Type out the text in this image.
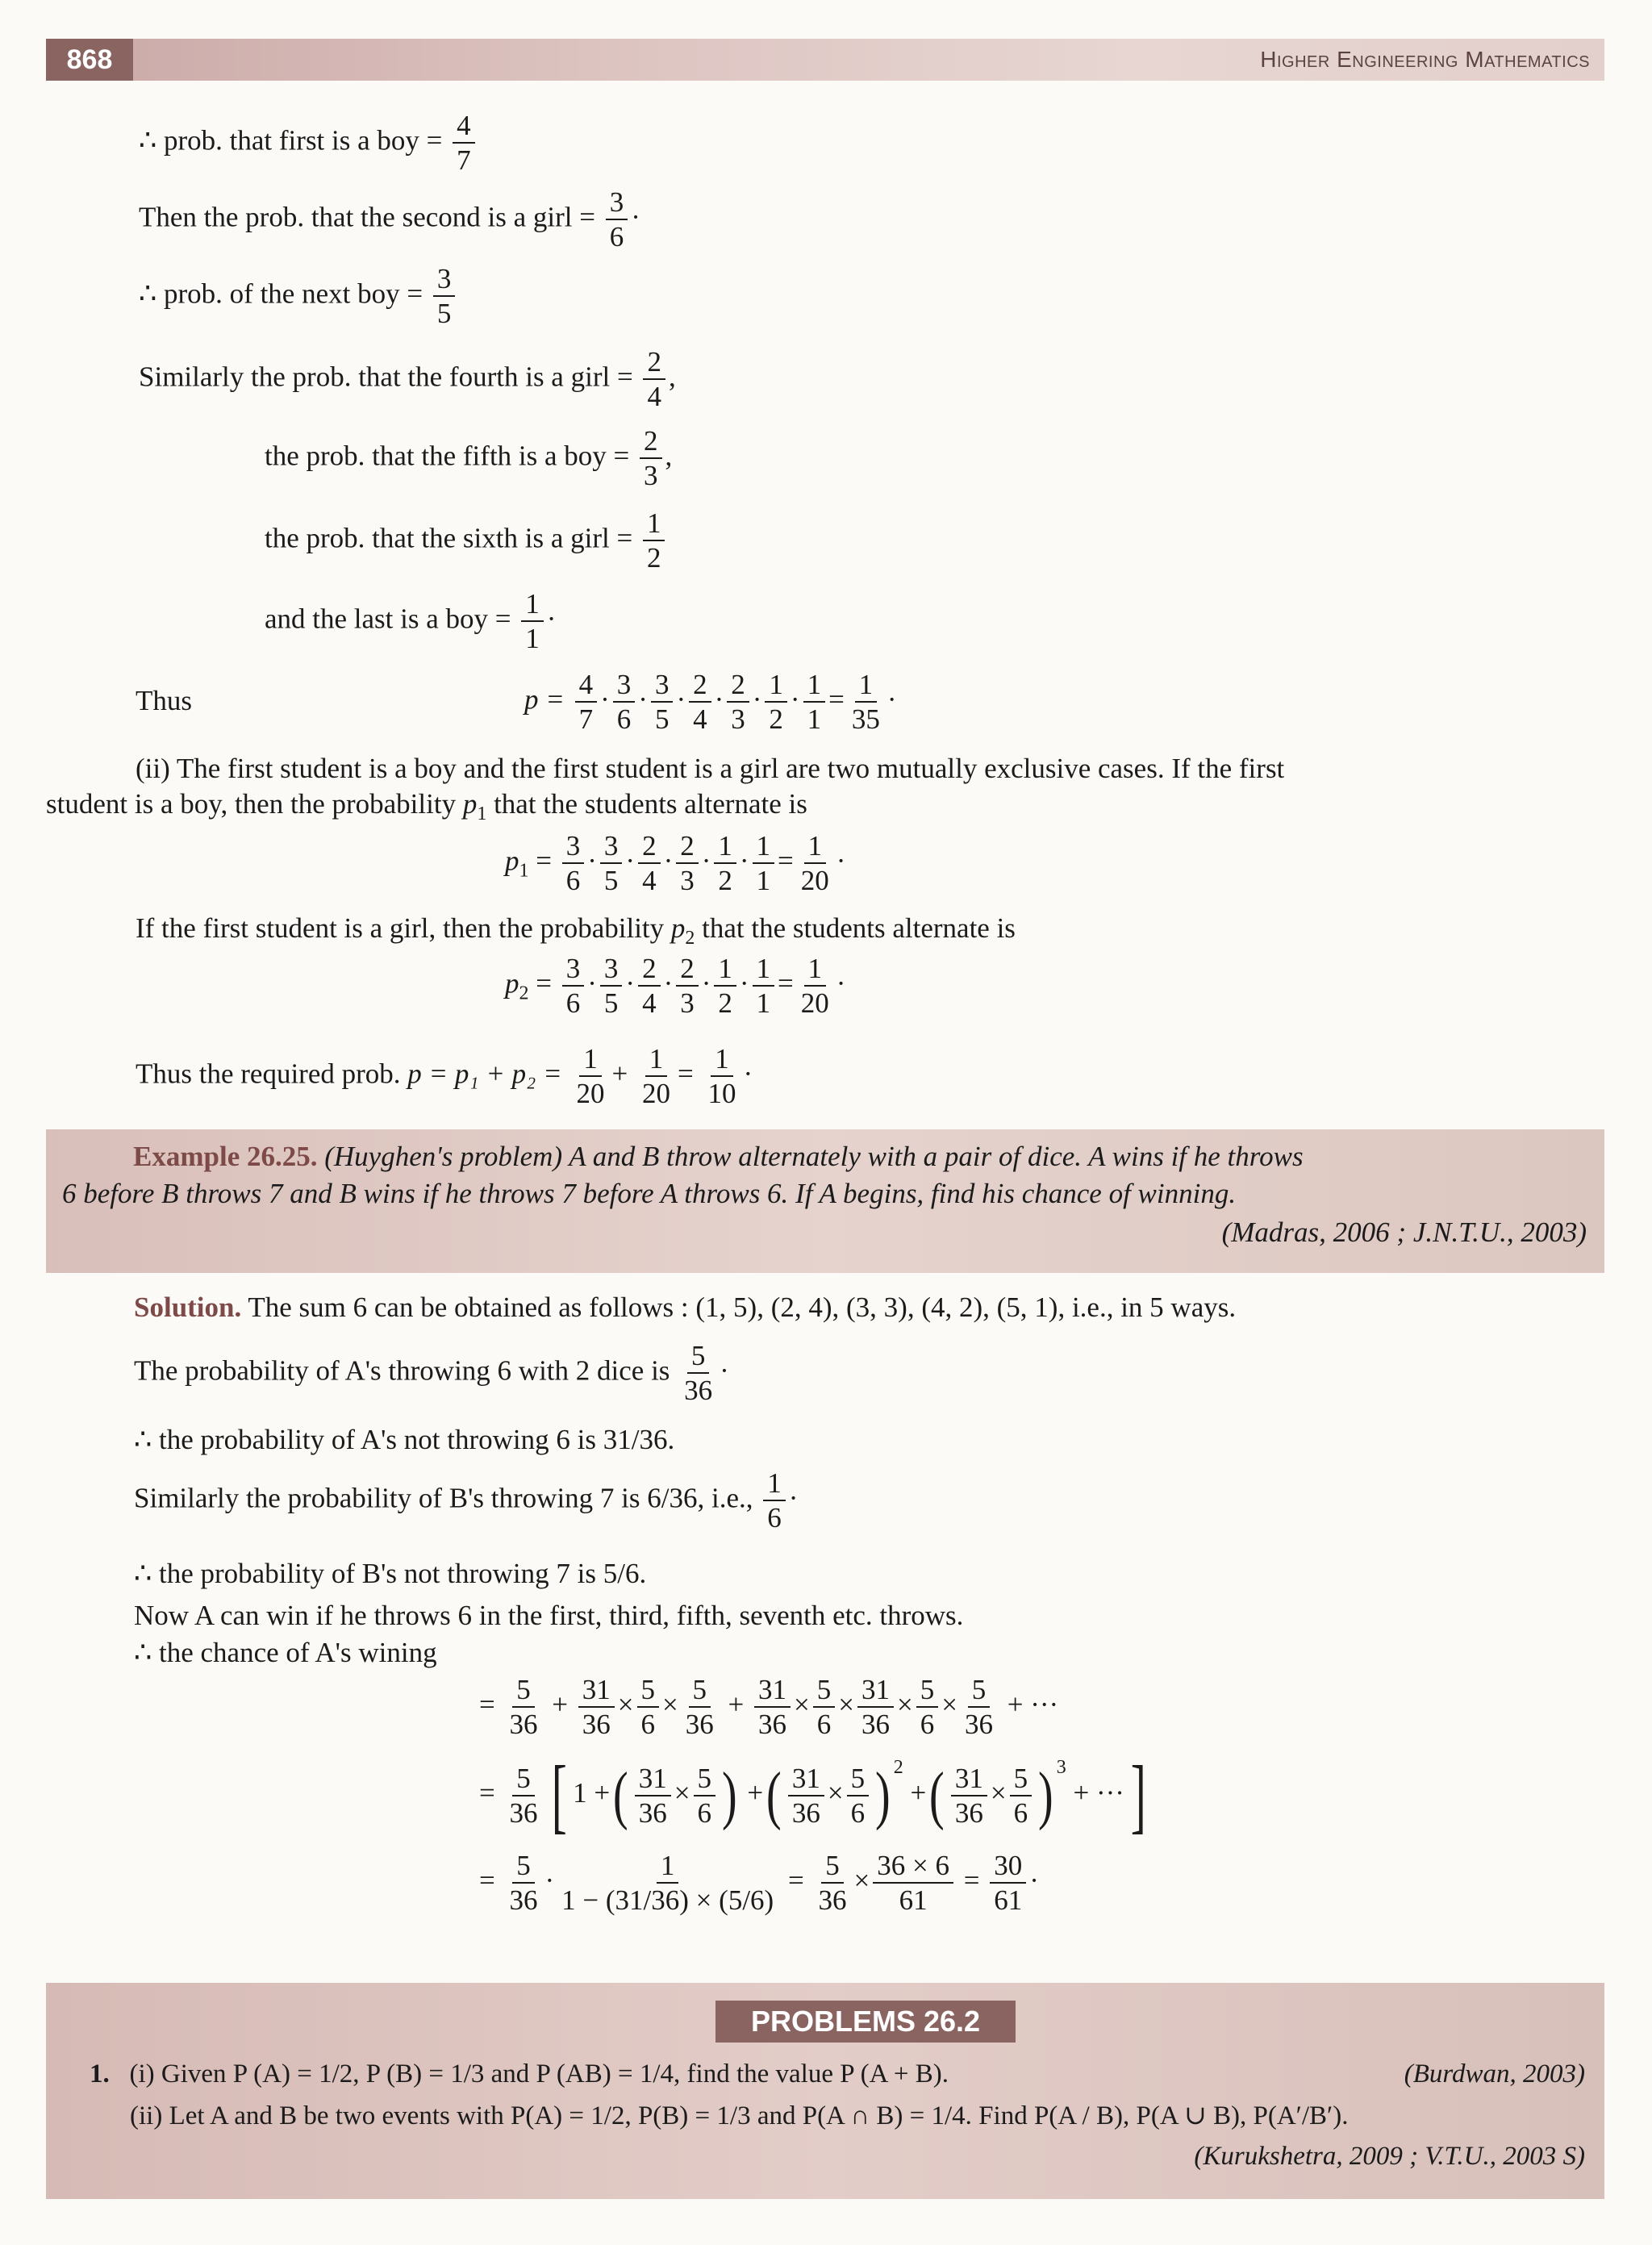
868	Higher Engineering Mathematics
∴ prob. that first is a boy = $\frac{4}{7}$
Then the prob. that the second is a girl = $\frac{3}{6}$ ·
∴ prob. of the next boy = $\frac{3}{5}$
Similarly the prob. that the fourth is a girl = $\frac{2}{4}$ ,
the prob. that the fifth is a boy = $\frac{2}{3}$ ,
the prob. that the sixth is a girl = $\frac{1}{2}$
and the last is a boy = $\frac{1}{1}$ ·
Thus	$p = \frac{4}{7} \cdot \frac{3}{6} \cdot \frac{3}{5} \cdot \frac{2}{4} \cdot \frac{2}{3} \cdot \frac{1}{2} \cdot \frac{1}{1} = \frac{1}{35}$ ·
(ii) The first student is a boy and the first student is a girl are two mutually exclusive cases. If the first
student is a boy, then the probability $p_1$ that the students alternate is
$p_1 = \frac{3}{6} \cdot \frac{3}{5} \cdot \frac{2}{4} \cdot \frac{2}{3} \cdot \frac{1}{2} \cdot \frac{1}{1} = \frac{1}{20}$ ·
If the first student is a girl, then the probability $p_2$ that the students alternate is
$p_2 = \frac{3}{6} \cdot \frac{3}{5} \cdot \frac{2}{4} \cdot \frac{2}{3} \cdot \frac{1}{2} \cdot \frac{1}{1} = \frac{1}{20}$ ·
Thus the required prob. $p = p_1 + p_2 = \frac{1}{20} + \frac{1}{20} = \frac{1}{10}$ ·
Example 26.25. (Huyghen's problem) A and B throw alternately with a pair of dice. A wins if he throws
6 before B throws 7 and B wins if he throws 7 before A throws 6. If A begins, find his chance of winning.
(Madras, 2006 ; J.N.T.U., 2003)
Solution. The sum 6 can be obtained as follows : (1, 5), (2, 4), (3, 3), (4, 2), (5, 1), i.e., in 5 ways.
The probability of A's throwing 6 with 2 dice is $\frac{5}{36}$ ·
∴ the probability of A's not throwing 6 is 31/36.
Similarly the probability of B's throwing 7 is 6/36, i.e., $\frac{1}{6}$ ·
∴ the probability of B's not throwing 7 is 5/6.
Now A can win if he throws 6 in the first, third, fifth, seventh etc. throws.
∴ the chance of A's wining
= $\frac{5}{36} + \frac{31}{36} \times \frac{5}{6} \times \frac{5}{36} + \frac{31}{36} \times \frac{5}{6} \times \frac{31}{36} \times \frac{5}{6} \times \frac{5}{36}$ + ···
= $\frac{5}{36}$ [ 1 +( $\frac{31}{36} \times \frac{5}{6}$ ) +( $\frac{31}{36} \times \frac{5}{6}$ ) $^2$ +( $\frac{31}{36} \times \frac{5}{6}$ ) $^3$ + ···]
= $\frac{5}{36} \cdot \frac{1}{1 - (31/36) \times (5/6)} = \frac{5}{36} \times \frac{36 \times 6}{61} = \frac{30}{61}$ ·
PROBLEMS 26.2
1. (i) Given P (A) = 1/2, P (B) = 1/3 and P (AB) = 1/4, find the value P (A + B).	(Burdwan, 2003)
(ii) Let A and B be two events with P(A) = 1/2, P(B) = 1/3 and P(A ∩ B) = 1/4. Find P(A / B), P(A ∪ B), P(A′/B′).
(Kurukshetra, 2009 ; V.T.U., 2003 S)
